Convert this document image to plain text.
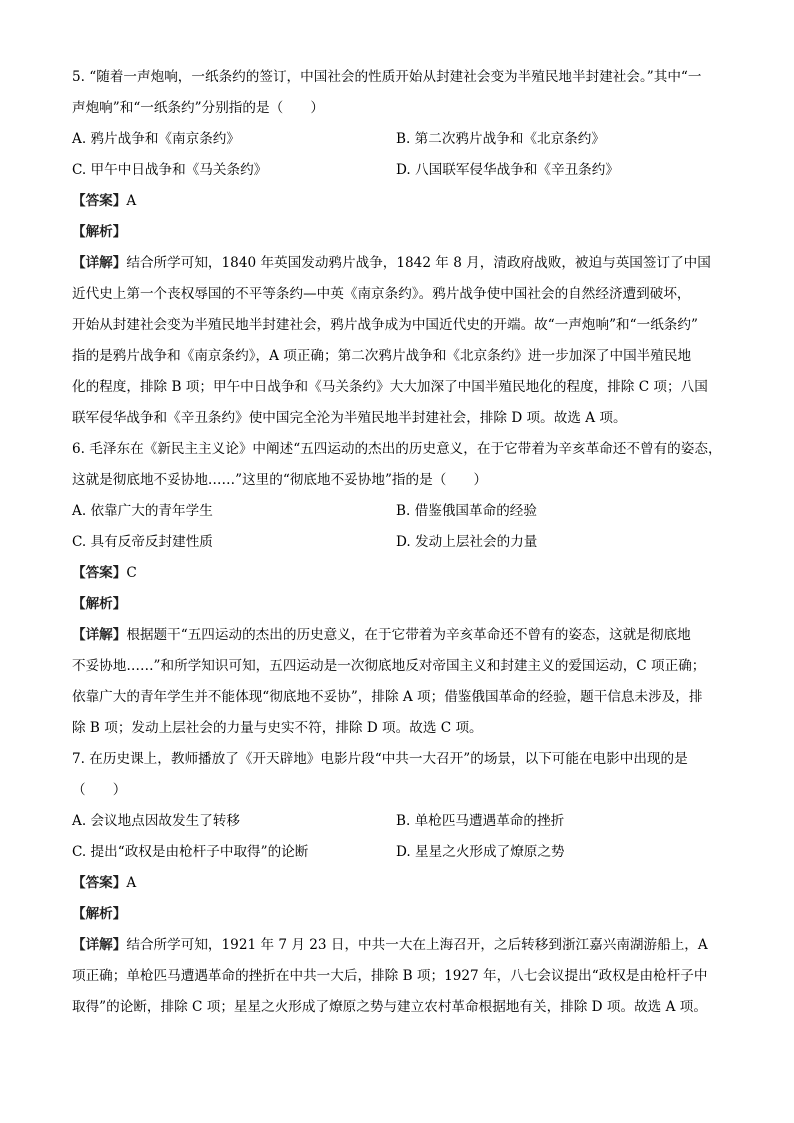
5. “随着一声炮响，一纸条约的签订，中国社会的性质开始从封建社会变为半殖民地半封建社会。”其中“一
声炮响”和“一纸条约”分别指的是（　　）
A. 鸦片战争和《南京条约》	B. 第二次鸦片战争和《北京条约》
C. 甲午中日战争和《马关条约》	D. 八国联军侵华战争和《辛丑条约》
【答案】A
【解析】
【详解】结合所学可知，1840 年英国发动鸦片战争，1842 年 8 月，清政府战败，被迫与英国签订了中国
近代史上第一个丧权辱国的不平等条约—中英《南京条约》。鸦片战争使中国社会的自然经济遭到破坏，
开始从封建社会变为半殖民地半封建社会，鸦片战争成为中国近代史的开端。故“一声炮响”和“一纸条约”
指的是鸦片战争和《南京条约》，A 项正确；第二次鸦片战争和《北京条约》进一步加深了中国半殖民地
化的程度，排除 B 项；甲午中日战争和《马关条约》大大加深了中国半殖民地化的程度，排除 C 项；八国
联军侵华战争和《辛丑条约》使中国完全沦为半殖民地半封建社会，排除 D 项。故选 A 项。
6. 毛泽东在《新民主主义论》中阐述“五四运动的杰出的历史意义，在于它带着为辛亥革命还不曾有的姿态，
这就是彻底地不妥协地……”这里的“彻底地不妥协地”指的是（　　）
A. 依靠广大的青年学生	B. 借鉴俄国革命的经验
C. 具有反帝反封建性质	D. 发动上层社会的力量
【答案】C
【解析】
【详解】根据题干“五四运动的杰出的历史意义，在于它带着为辛亥革命还不曾有的姿态，这就是彻底地
不妥协地……”和所学知识可知，五四运动是一次彻底地反对帝国主义和封建主义的爱国运动，C 项正确；
依靠广大的青年学生并不能体现“彻底地不妥协”，排除 A 项；借鉴俄国革命的经验，题干信息未涉及，排
除 B 项；发动上层社会的力量与史实不符，排除 D 项。故选 C 项。
7. 在历史课上，教师播放了《开天辟地》电影片段“中共一大召开”的场景，以下可能在电影中出现的是
（　　）
A. 会议地点因故发生了转移	B. 单枪匹马遭遇革命的挫折
C. 提出“政权是由枪杆子中取得”的论断	D. 星星之火形成了燎原之势
【答案】A
【解析】
【详解】结合所学可知，1921 年 7 月 23 日，中共一大在上海召开，之后转移到浙江嘉兴南湖游船上，A
项正确；单枪匹马遭遇革命的挫折在中共一大后，排除 B 项；1927 年，八七会议提出“政权是由枪杆子中
取得”的论断，排除 C 项；星星之火形成了燎原之势与建立农村革命根据地有关，排除 D 项。故选 A 项。
